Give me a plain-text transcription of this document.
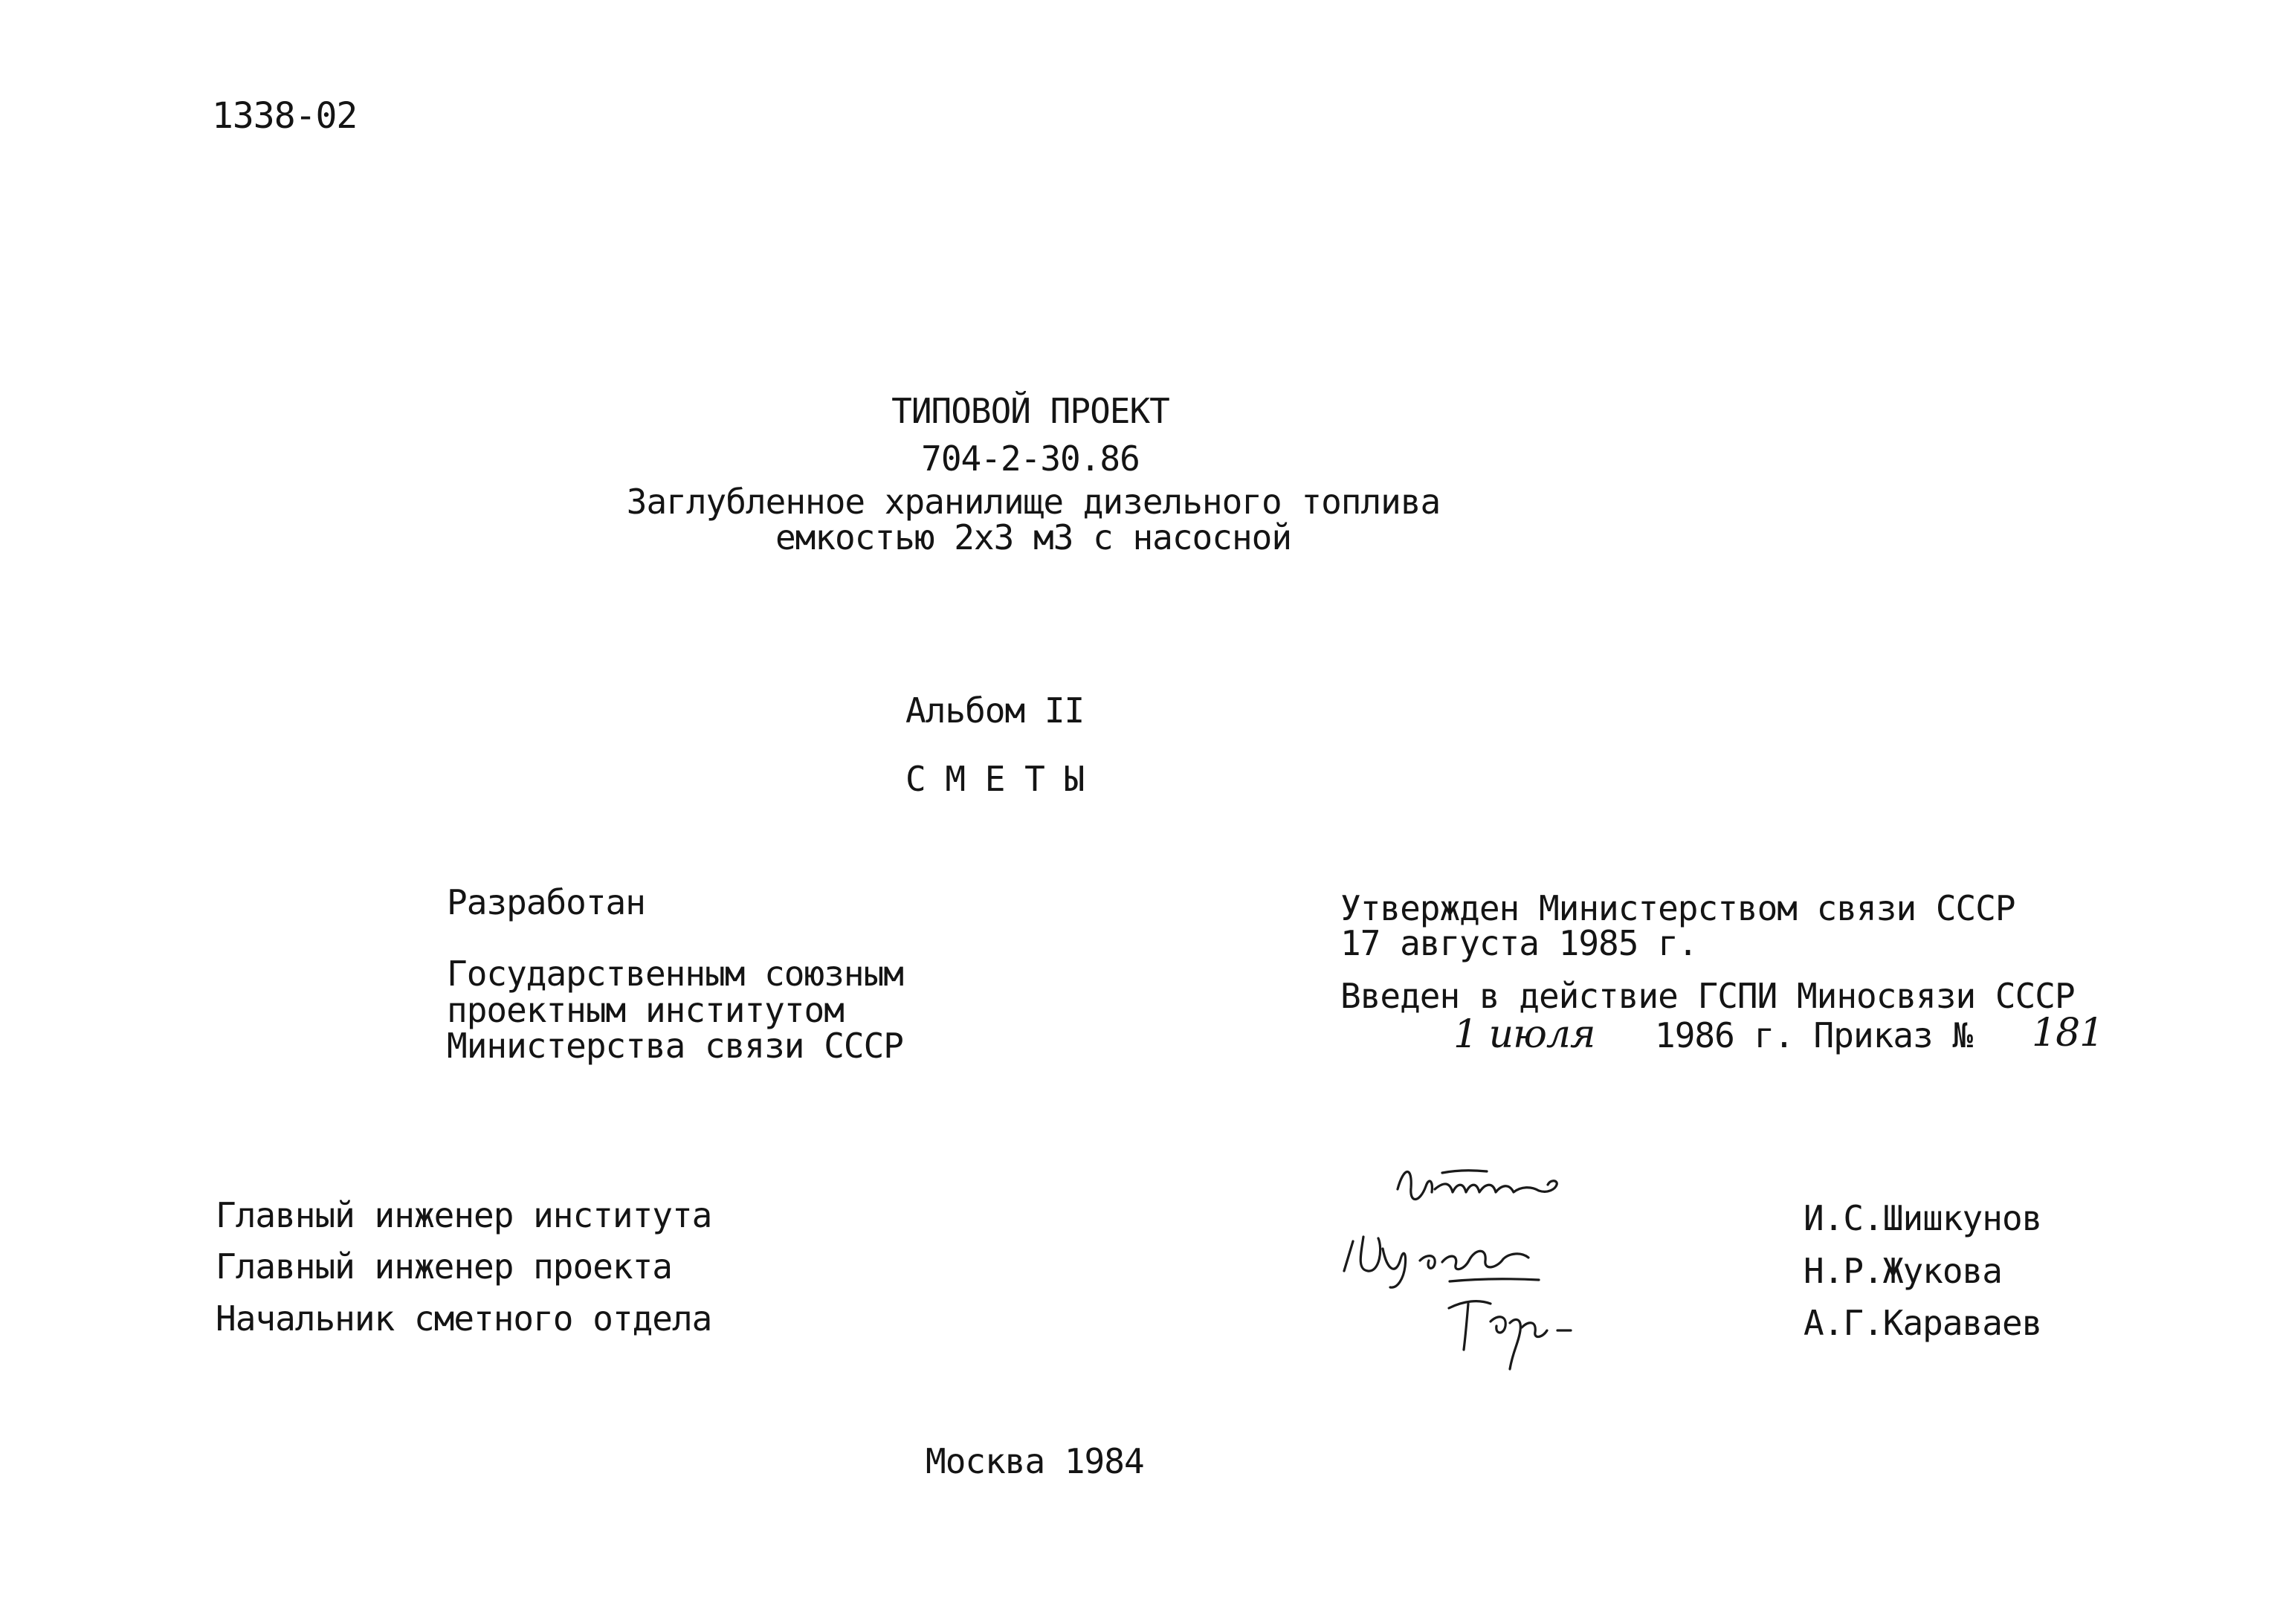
1338-02
ТИПОВОЙ ПРОЕКТ
704-2-30.86
Заглубленное хранилище дизельного топлива
емкостью 2х3 м3 с насосной
Альбом II
С М Е Т Ы
Разработан
Государственным союзным
проектным институтом
Министерства связи СССР
Утвержден Министерством связи СССР
17 августа 1985 г.
Введен в действие ГСПИ Миносвязи СССР
1 июля 1986 г. Приказ № 181
Главный инженер института
Главный инженер проекта
Начальник сметного отдела
И.С.Шишкунов
Н.Р.Жукова
А.Г.Караваев
Москва 1984
